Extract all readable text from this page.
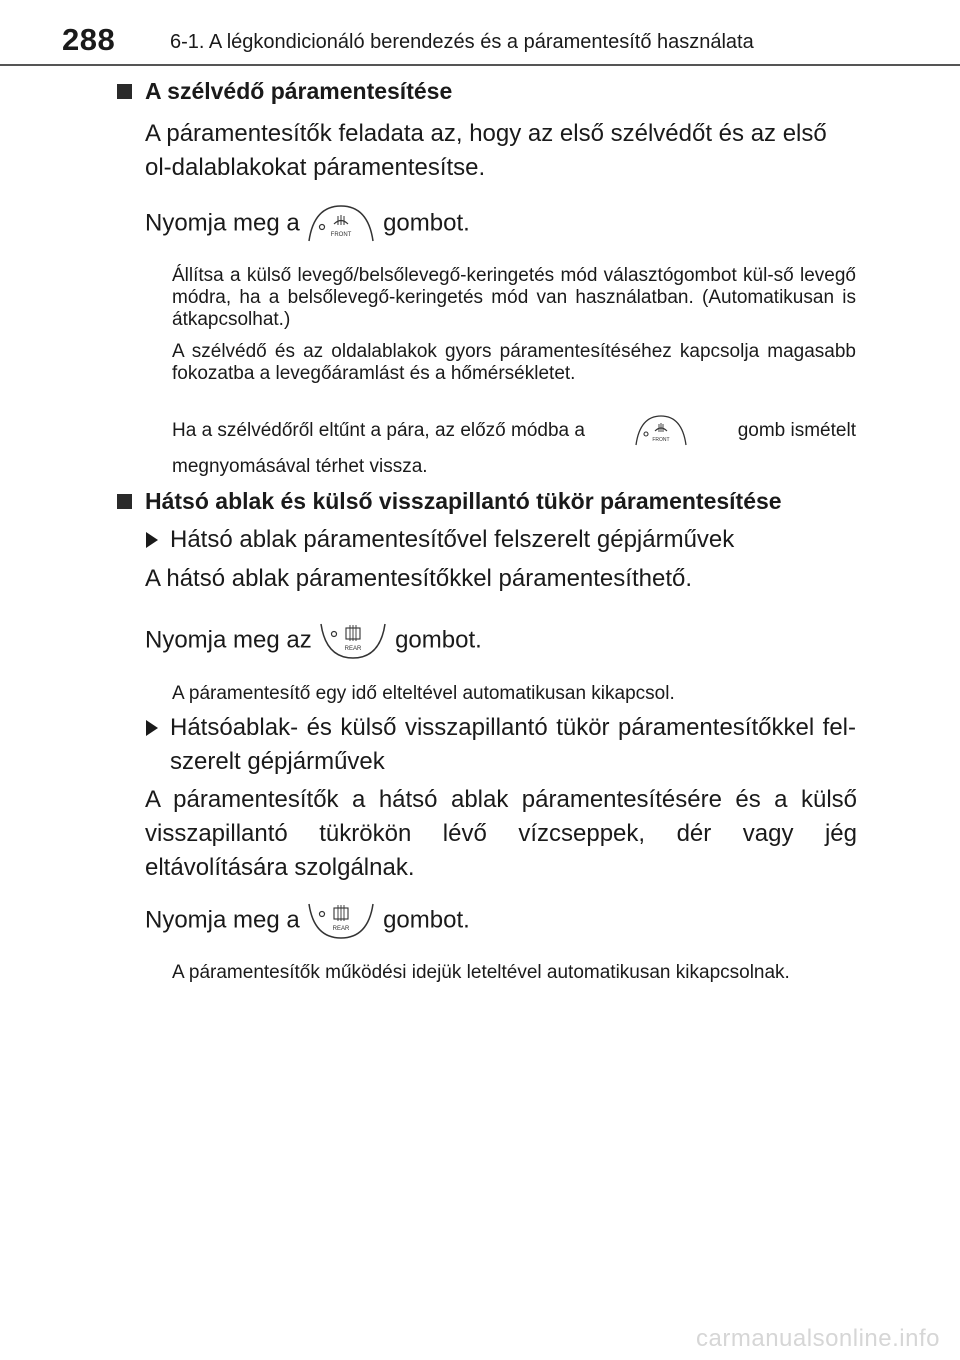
288	6-1. A légkondicionáló berendezés és a páramentesítő használata
A szélvédő páramentesítése
A páramentesítők feladata az, hogy az első szélvédőt és az első ol-dalablakokat páramentesítse.
Nyomja meg a	FRONT gombot.
Állítsa a külső levegő/belsőlevegő-keringetés mód választógombot kül-ső levegő módra, ha a belsőlevegő-keringetés mód van használatban. (Automatikusan is átkapcsolhat.)
A szélvédő és az oldalablakok gyors páramentesítéséhez kapcsolja magasabb fokozatba a levegőáramlást és a hőmérsékletet.
Ha a szélvédőről eltűnt a pára, az előző módba a	FRONT	gomb ismételt
megnyomásával térhet vissza.
Hátsó ablak és külső visszapillantó tükör páramentesítése
Hátsó ablak páramentesítővel felszerelt gépjárművek
A hátsó ablak páramentesítőkkel páramentesíthető.
Nyomja meg az	REAR gombot.
A páramentesítő egy idő elteltével automatikusan kikapcsol.
Hátsóablak- és külső visszapillantó tükör páramentesítőkkel fel-szerelt gépjárművek
A páramentesítők a hátsó ablak páramentesítésére és a külső visszapillantó tükrökön lévő vízcseppek, dér vagy jég eltávolítására szolgálnak.
Nyomja meg a	REAR gombot.
A páramentesítők működési idejük leteltével automatikusan kikapcsolnak.
carmanualsonline.info
